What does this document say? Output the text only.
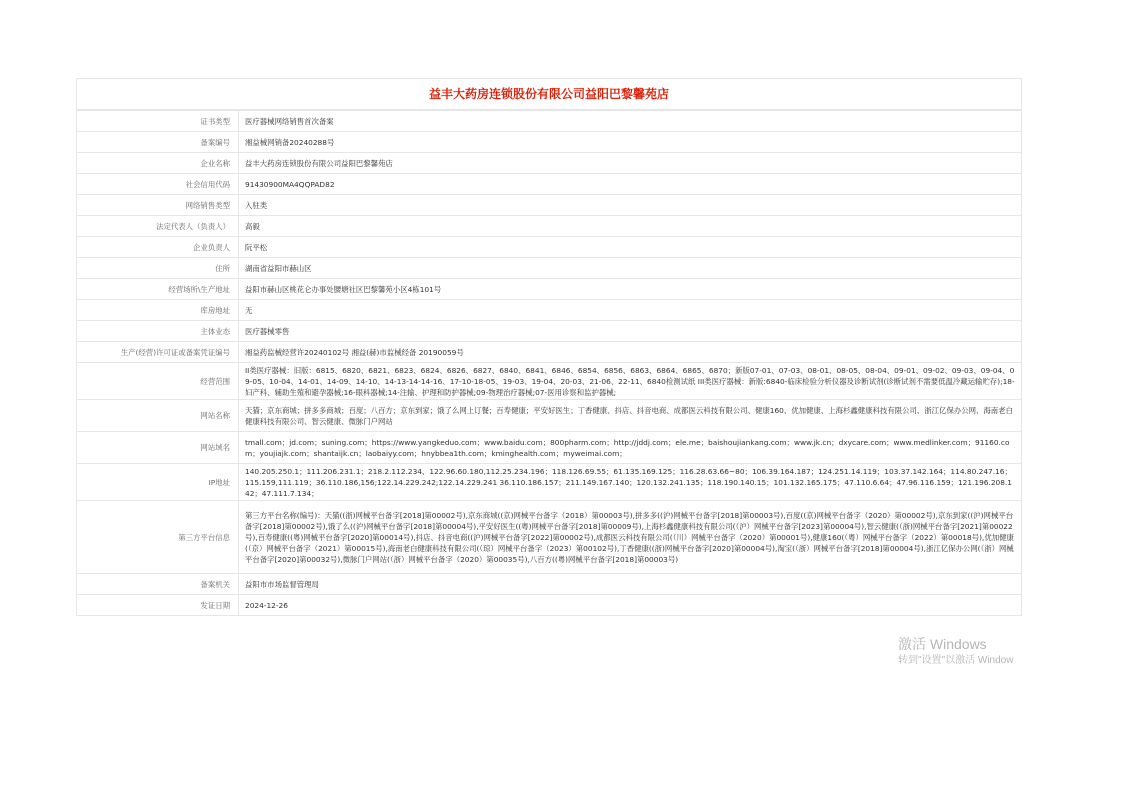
益丰大药房连锁股份有限公司益阳巴黎馨苑店
证书类型	医疗器械网络销售首次备案
备案编号	湘益械网销备20240288号
企业名称	益丰大药房连锁股份有限公司益阳巴黎馨苑店
社会信用代码	91430900MA4QQPAD82
网络销售类型	入驻类
法定代表人（负责人）	高毅
企业负责人	阮平松
住所	湖南省益阳市赫山区
经营场所\生产地址	益阳市赫山区桃花仑办事处腰塘社区巴黎馨苑小区4栋101号
库房地址	无
主体业态	医疗器械零售
生产(经营)许可证或备案凭证编号	湘益药监械经营许20240102号 湘益(赫)市监械经备 20190059号
经营范围	II类医疗器械：旧版：6815、6820、6821、6823、6824、6826、6827、6840、6841、6846、6854、6856、6863、6864、6865、6870；新版07-01、07-03、08-01、08-05、08-04、09-01、09-02、09-03、09-04、09-05、10-04、14-01、14-09、14-10、14-13-14-14-16、17-10-18-05、19-03、19-04、20-03、21-06、22-11、6840检测试纸 III类医疗器械：新版:6840-临床检验分析仪器及诊断试剂(诊断试剂不需要低温冷藏运输贮存);18-妇产科、辅助生殖和避孕器械;16-眼科器械;14-注输、护理和防护器械;09-物理治疗器械;07-医用诊察和监护器械;
网站名称	天猫；京东商城；拼多多商城；百度；八百方；京东到家；饿了么网上订餐；百寿健康；平安好医生；丁香健康、抖店、抖音电商、成都医云科技有限公司、健康160、优加健康、上海杉鑫健康科技有限公司、浙江亿保办公网、海南老白健康科技有限公司、智云健康、微脉门户网站
网站域名	tmall.com；jd.com；suning.com；https://www.yangkeduo.com；www.baidu.com；800pharm.com；http://jddj.com；ele.me；baishoujiankang.com；www.jk.cn；dxycare.com；www.medlinker.com；91160.com；youjiajk.com；shantaijk.cn；laobaiyy.com；hnybbea1th.com；kminghealth.com；myweimai.com；
IP地址	140.205.250.1；111.206.231.1；218.2.112.234、122.96.60.180,112.25.234.196；118.126.69.55；61.135.169.125；116.28.63.66~80；106.39.164.187；124.251.14.119；103.37.142.164；114.80.247.16；115.159,111.119；36.110.186,156;122.14.229.242;122.14.229.241 36.110.186.157；211.149.167.140；120.132.241.135；118.190.140.15；101.132.165.175；47.110.6.64；47.96.116.159；121.196.208.142；47.111.7.134；
第三方平台信息	第三方平台名称(编号)：天猫((浙)网械平台备字[2018]第00002号),京东商城((京)网械平台备字（2018）第00003号),拼多多((沪)网械平台备字[2018]第00003号),百度((京)网械平台备字（2020）第00002号),京东到家((沪)网械平台备字[2018]第00002号),饿了么((沪)网械平台备字[2018]第00004号),平安好医生((粤)网械平台备字[2018]第00009号),上海杉鑫健康科技有限公司(（沪）网械平台备字[2023]第00004号),智云健康(（浙)网械平台备字[2021]第00022号),百寿健康((粤)网械平台备字[2020]第00014号),抖店、抖音电商((沪)网械平台备字[2022]第00002号),成都医云科技有限公司(（川）网械平台备字（2020）第00001号),健康160(（粤）网械平台备字（2022）第00018号),优加健康(（京）网械平台备字（2021）第00015号),海南老白健康科技有限公司(（琼）网械平台备字（2023）第00102号),丁香健康((浙)网械平台备字[2020]第00004号),淘宝(（浙）网械平台备字[2018]第00004号),浙江亿保办公网(（浙）网械平台备字[2020]第00032号),微脉门户网站(（浙）网械平台备字（2020）第00035号),八百方((粤)网械平台备字[2018]第00003号)
备案机关	益阳市市场监督管理局
发证日期	2024-12-26
激活 Windows
转到"设置"以激活 Window
